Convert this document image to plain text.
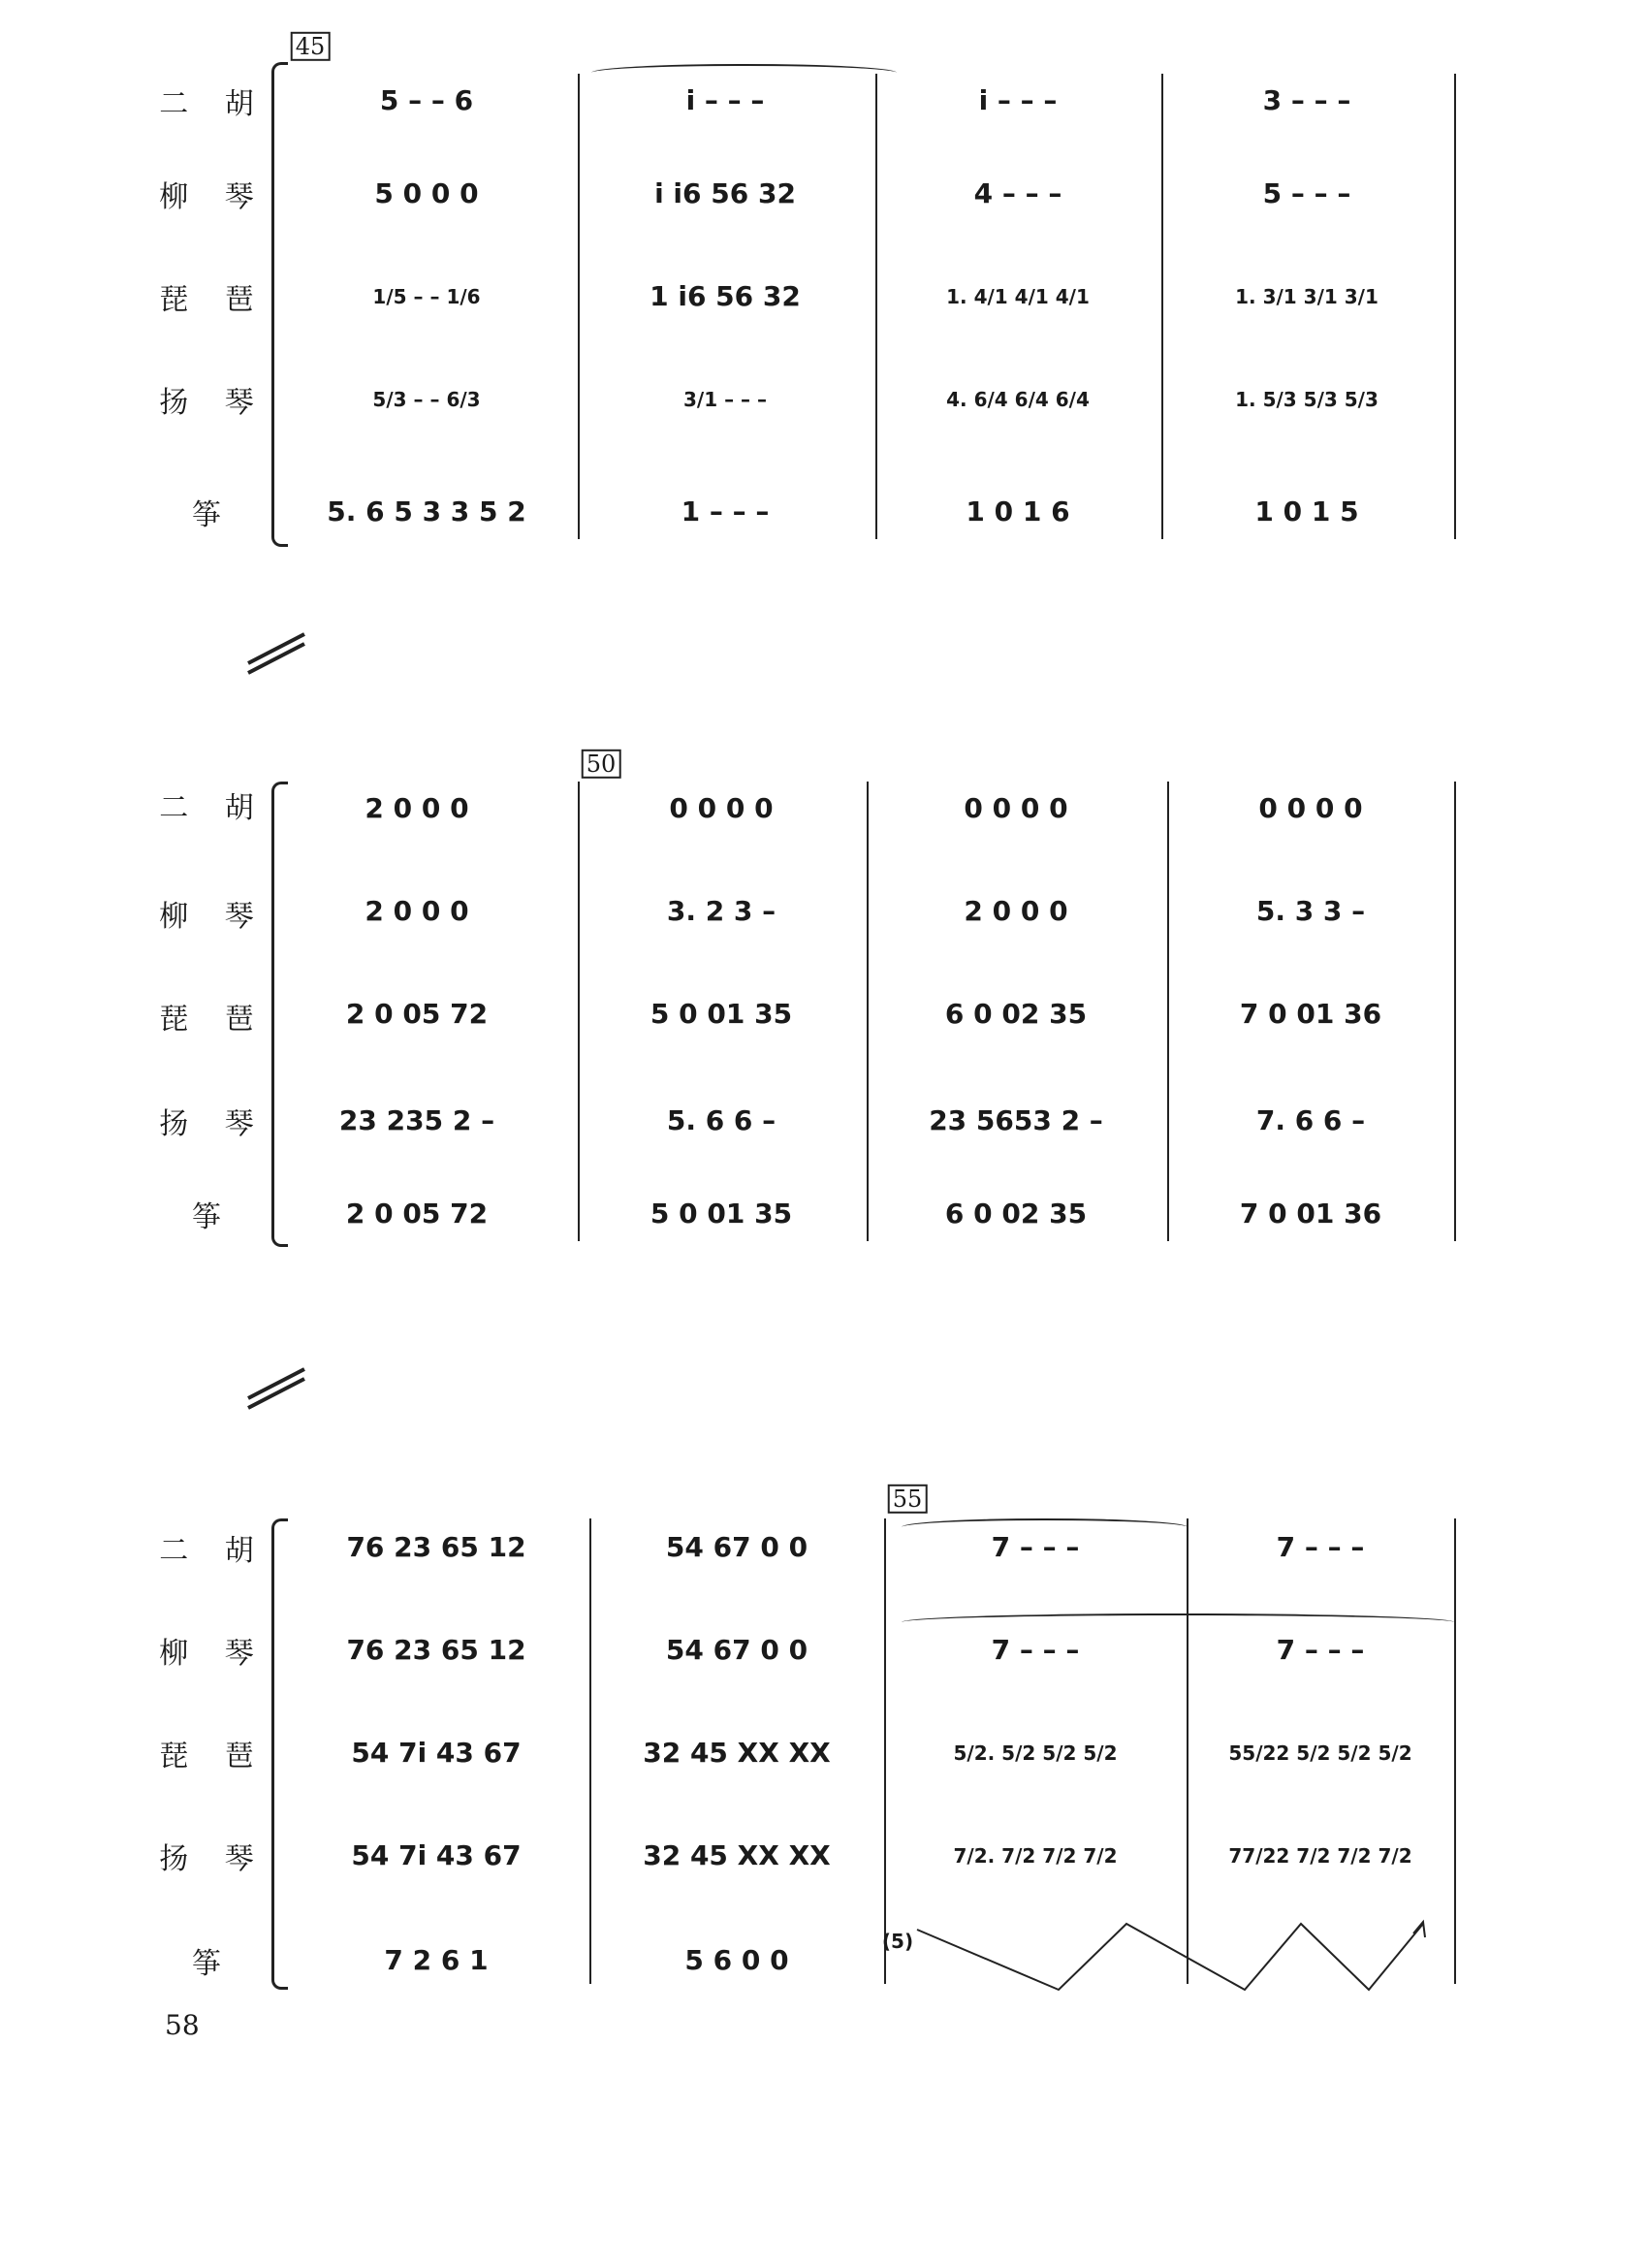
45
二 胡
柳 琴
琵 琶
扬 琴
筝
5 – – 6
5 0 0 0
1/5 – – 1/6
5/3 – – 6/3
5. 6 5 3 3 5 2
i – – –
i i6 56 32
1 i6 56 32
3/1 – – –
1 – – –
i – – –
4 – – –
1. 4/1 4/1 4/1
4. 6/4 6/4 6/4
1 0 1 6
3 – – –
5 – – –
1. 3/1 3/1 3/1
1. 5/3 5/3 5/3
1 0 1 5
50
二 胡
柳 琴
琵 琶
扬 琴
筝
2 0 0 0
2 0 0 0
2 0 05 72
23 235 2 –
2 0 05 72
0 0 0 0
3. 2 3 –
5 0 01 35
5. 6 6 –
5 0 01 35
0 0 0 0
2 0 0 0
6 0 02 35
23 5653 2 –
6 0 02 35
0 0 0 0
5. 3 3 –
7 0 01 36
7. 6 6 –
7 0 01 36
55
二 胡
柳 琴
琵 琶
扬 琴
筝
76 23 65 12
76 23 65 12
54 7i 43 67
54 7i 43 67
7 2 6 1
54 67 0 0
54 67 0 0
32 45 XX XX
32 45 XX XX
5 6 0 0
7 – – –
7 – – –
5/2. 5/2 5/2 5/2
7/2. 7/2 7/2 7/2
(5)
7 – – –
7 – – –
55/22 5/2 5/2 5/2
77/22 7/2 7/2 7/2
58
